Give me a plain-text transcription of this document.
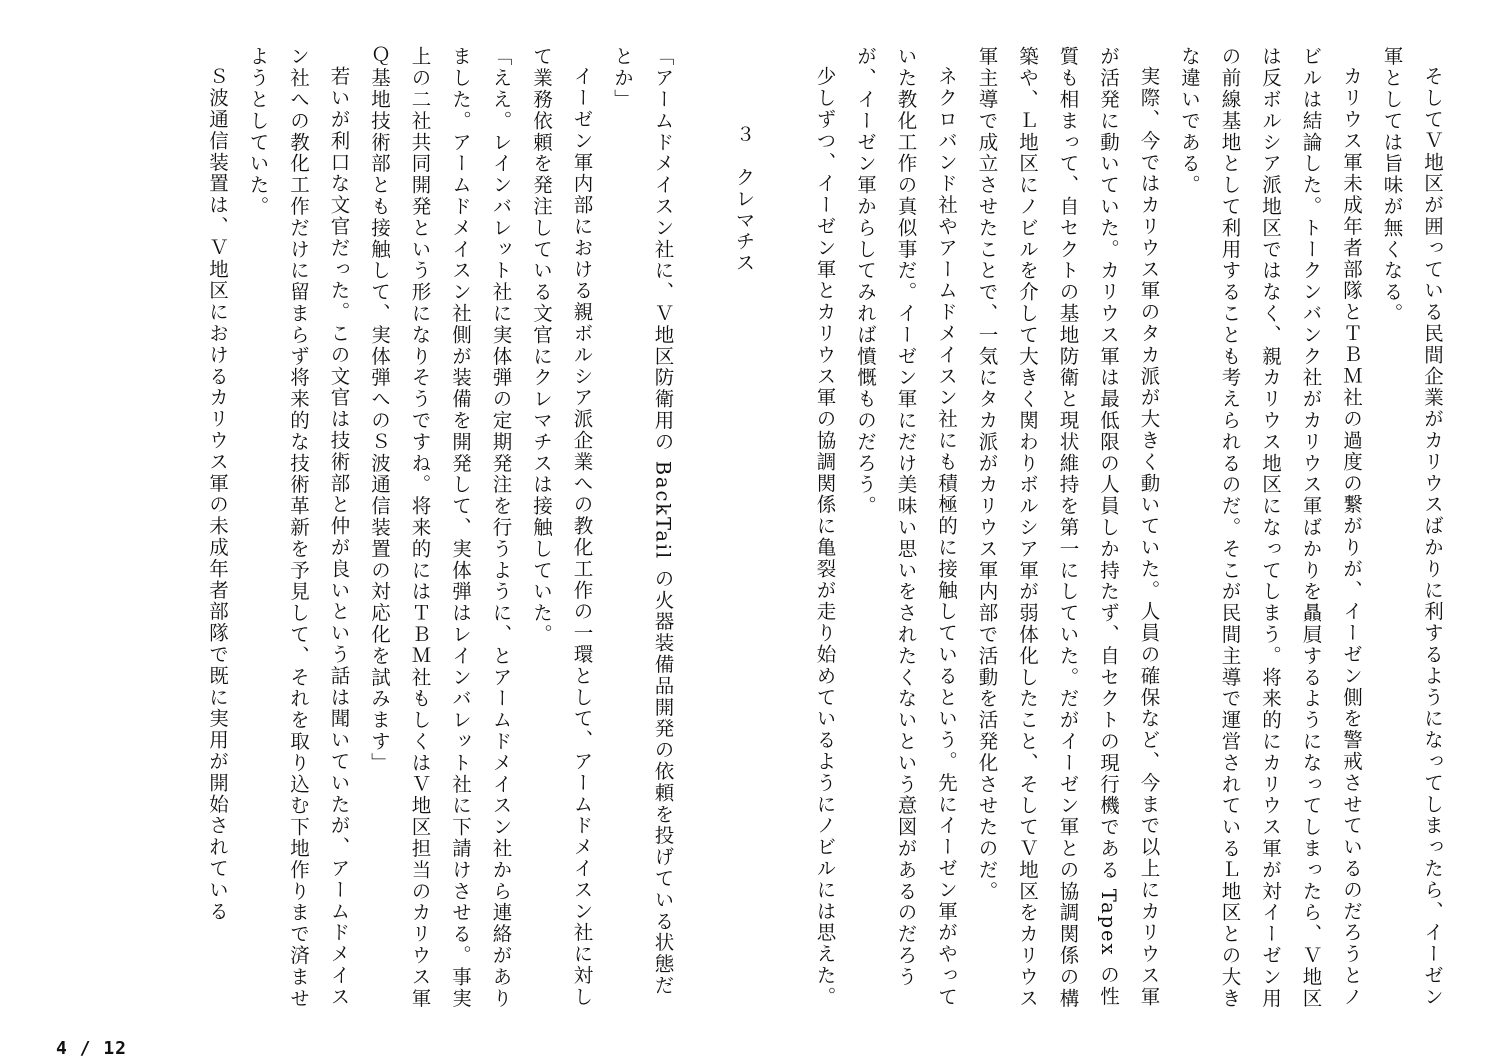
そしてＶ地区が囲っている民間企業がカリウスばかりに利するようになってしまったら、イーゼン軍としては旨味が無くなる。

カリウス軍未成年者部隊とＴＢＭ社の過度の繋がりが、イーゼン側を警戒させているのだろうとノビルは結論した。トークンバンク社がカリウス軍ばかりを贔屓するようになってしまったら、Ｖ地区は反ボルシア派地区ではなく、親カリウス地区になってしまう。将来的にカリウス軍が対イーゼン用の前線基地として利用することも考えられるのだ。そこが民間主導で運営されているＬ地区との大きな違いである。

実際、今ではカリウス軍のタカ派が大きく動いていた。人員の確保など、今まで以上にカリウス軍が活発に動いていた。カリウス軍は最低限の人員しか持たず、自セクトの現行機である Tapex の性質も相まって、自セクトの基地防衛と現状維持を第一にしていた。だがイーゼン軍との協調関係の構築や、Ｌ地区にノビルを介して大きく関わりボルシア軍が弱体化したこと、そしてＶ地区をカリウス軍主導で成立させたことで、一気にタカ派がカリウス軍内部で活動を活発化させたのだ。

ネクロバンド社やアームドメイスン社にも積極的に接触しているという。先にイーゼン軍がやっていた教化工作の真似事だ。イーゼン軍にだけ美味い思いをされたくないという意図があるのだろうが、イーゼン軍からしてみれば憤慨ものだろう。

少しずつ、イーゼン軍とカリウス軍の協調関係に亀裂が走り始めているようにノビルには思えた。

３　クレマチス

「アームドメイスン社に、Ｖ地区防衛用の BackTail の火器装備品開発の依頼を投げている状態だとか」

イーゼン軍内部における親ボルシア派企業への教化工作の一環として、アームドメイスン社に対して業務依頼を発注している文官にクレマチスは接触していた。

「ええ。レインバレット社に実体弾の定期発注を行うように、とアームドメイスン社から連絡がありました。アームドメイスン社側が装備を開発して、実体弾はレインバレット社に下請けさせる。事実上の二社共同開発という形になりそうですね。将来的にはＴＢＭ社もしくはＶ地区担当のカリウス軍Ｑ基地技術部とも接触して、実体弾へのＳ波通信装置の対応化を試みます」

若いが利口な文官だった。この文官は技術部と仲が良いという話は聞いていたが、アームドメイスン社への教化工作だけに留まらず将来的な技術革新を予見して、それを取り込む下地作りまで済ませようとしていた。

Ｓ波通信装置は、Ｖ地区におけるカリウス軍の未成年者部隊で既に実用が開始されている

4 / 12
